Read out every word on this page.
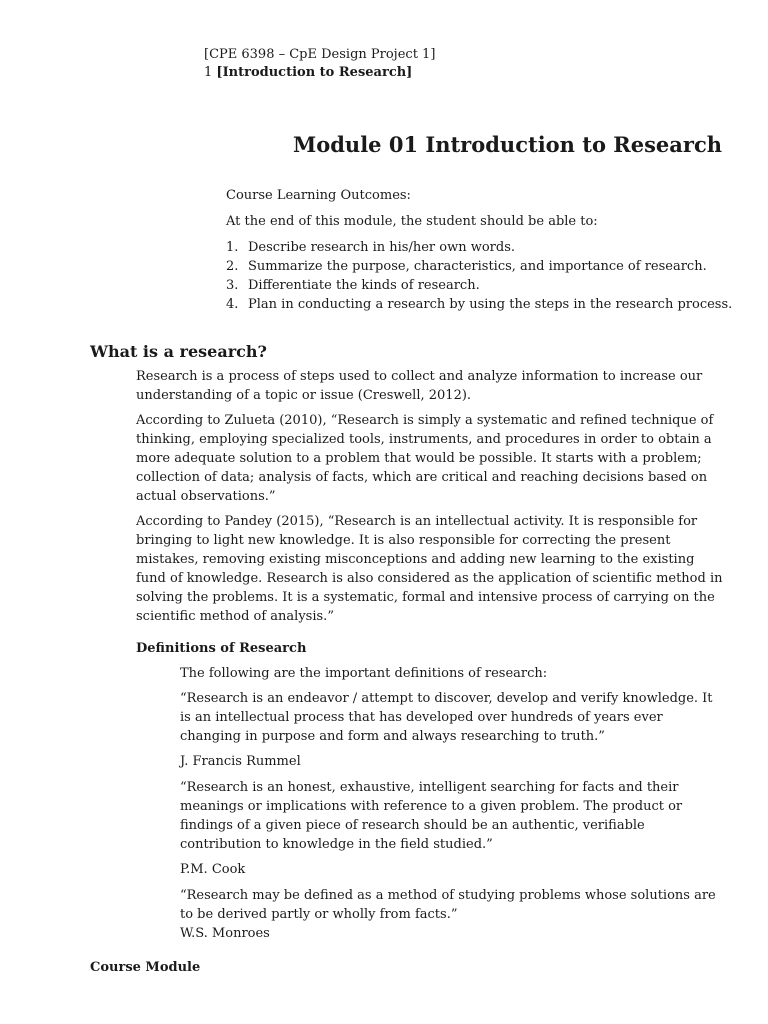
[CPE 6398 – CpE Design Project 1]
1 [Introduction to Research]
Module 01 Introduction to Research

Course Learning Outcomes:

At the end of this module, the student should be able to:

1. Describe research in his/her own words.
2. Summarize the purpose, characteristics, and importance of research.
3. Differentiate the kinds of research.
4. Plan in conducting a research by using the steps in the research process.
What is a research?

Research is a process of steps used to collect and analyze information to increase our understanding of a topic or issue (Creswell, 2012).

According to Zulueta (2010), “Research is simply a systematic and refined technique of thinking, employing specialized tools, instruments, and procedures in order to obtain a more adequate solution to a problem that would be possible. It starts with a problem; collection of data; analysis of facts, which are critical and reaching decisions based on actual observations.”

According to Pandey (2015), “Research is an intellectual activity. It is responsible for bringing to light new knowledge. It is also responsible for correcting the present mistakes, removing existing misconceptions and adding new learning to the existing fund of knowledge. Research is also considered as the application of scientific method in solving the problems. It is a systematic, formal and intensive process of carrying on the scientific method of analysis.”

Definitions of Research

The following are the important definitions of research:

“Research is an endeavor / attempt to discover, develop and verify knowledge. It is an intellectual process that has developed over hundreds of years ever changing in purpose and form and always researching to truth.”

J. Francis Rummel

“Research is an honest, exhaustive, intelligent searching for facts and their meanings or implications with reference to a given problem. The product or findings of a given piece of research should be an authentic, verifiable contribution to knowledge in the field studied.”

P.M. Cook

“Research may be defined as a method of studying problems whose solutions are to be derived partly or wholly from facts.”

W.S. Monroes

Course Module
